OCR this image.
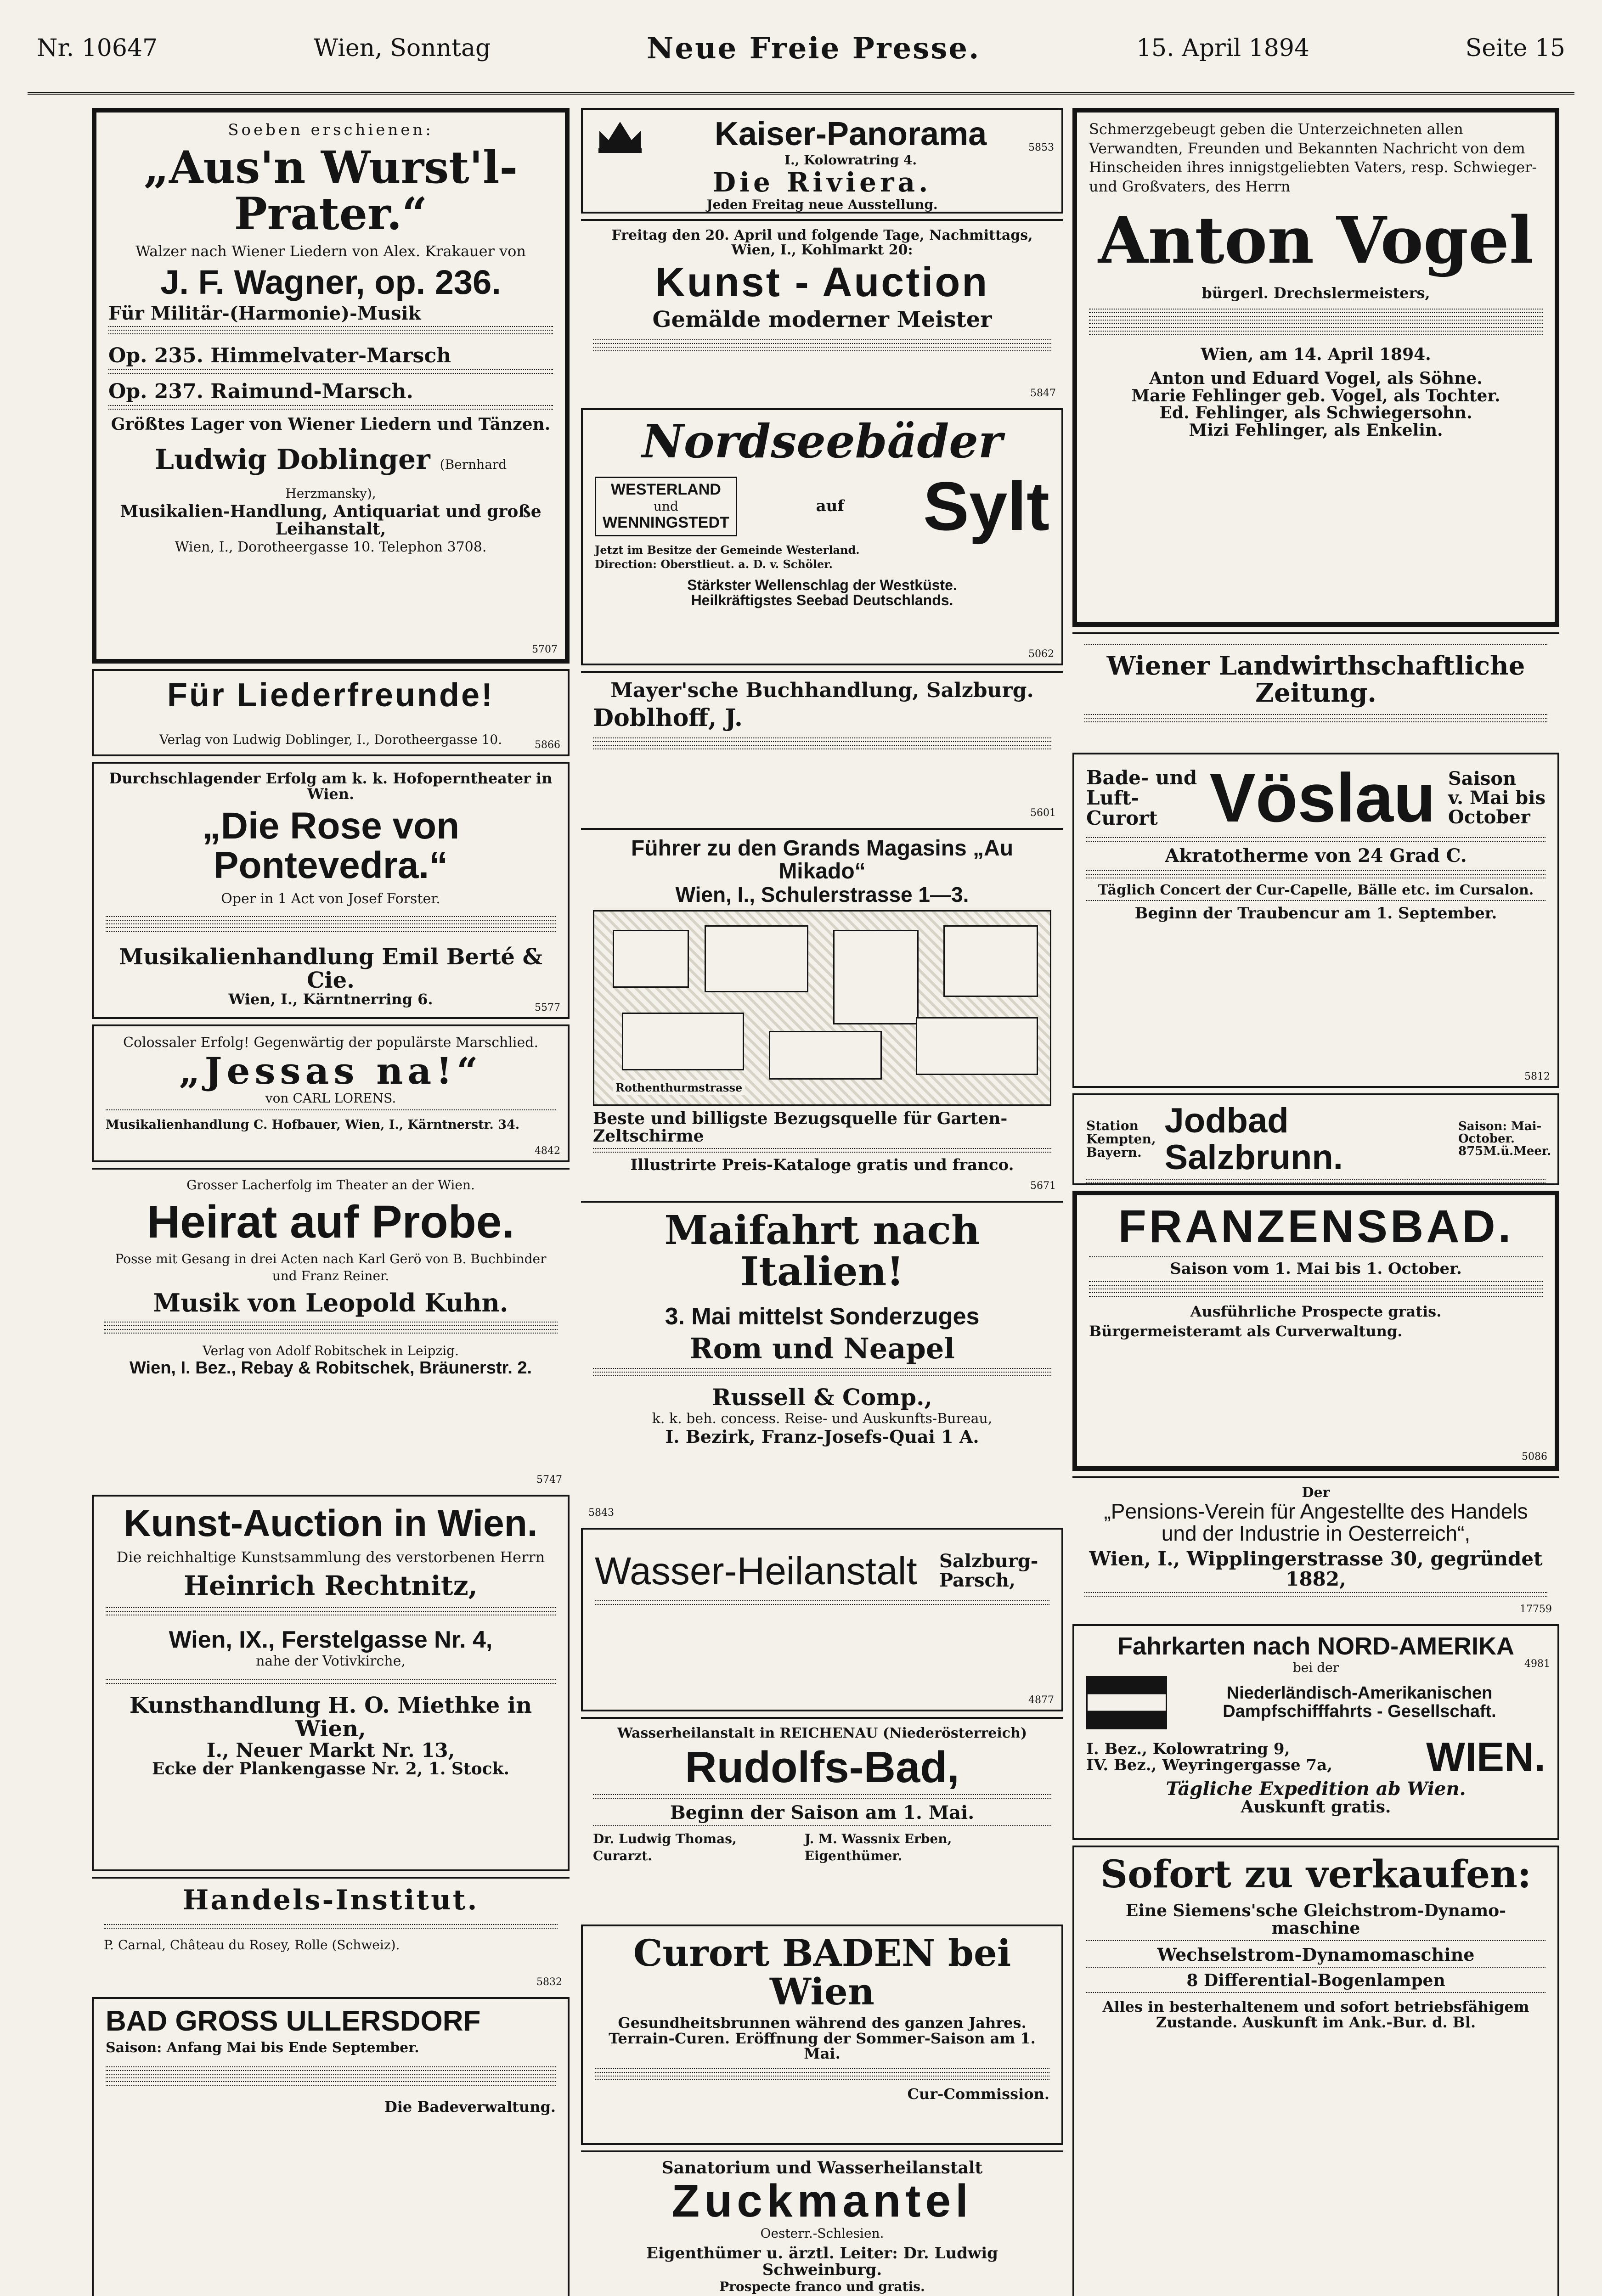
Nr. 10647	Wien, Sonntag	Neue Freie Presse.	15. April 1894	Seite 15
Soeben erschienen:
„Aus'n Wurst'l-Prater.“
Walzer nach Wiener Liedern von Alex. Krakauer von
J. F. Wagner, op. 236.
Für Militär-(Harmonie)-Musik
Op. 235. Himmelvater-Marsch
Op. 237. Raimund-Marsch.
Größtes Lager von Wiener Liedern und Tänzen.
Ludwig Doblinger (Bernhard Herzmansky),
Musikalien-Handlung, Antiquariat und große Leihanstalt,
Wien, I., Dorotheergasse 10. Telephon 3708.
5707
Für Liederfreunde!
Verlag von Ludwig Doblinger, I., Dorotheergasse 10.	5866
Durchschlagender Erfolg am k. k. Hofoperntheater in Wien.
„Die Rose von Pontevedra.“
Oper in 1 Act von Josef Forster.
Musikalienhandlung Emil Berté & Cie.
Wien, I., Kärntnerring 6.	5577
Colossaler Erfolg! Gegenwärtig der populärste Marschlied.
„Jessas na!“
von CARL LORENS.
Musikalienhandlung C. Hofbauer, Wien, I., Kärntnerstr. 34.
4842
Grosser Lacherfolg im Theater an der Wien.
Heirat auf Probe.
Posse mit Gesang in drei Acten nach Karl Gerö von B. Buchbinder und Franz Reiner.
Musik von Leopold Kuhn.
Verlag von Adolf Robitschek in Leipzig.
Wien, I. Bez., Rebay & Robitschek, Bräunerstr. 2.
5747
Kunst-Auction in Wien.
Die reichhaltige Kunstsammlung des verstorbenen Herrn
Heinrich Rechtnitz,
Wien, IX., Ferstelgasse Nr. 4,
nahe der Votivkirche,
Kunsthandlung H. O. Miethke in Wien,
I., Neuer Markt Nr. 13,
Ecke der Plankengasse Nr. 2, 1. Stock.
Handels-Institut.
P. Carnal, Château du Rosey, Rolle (Schweiz).
5832
BAD GROSS ULLERSDORF
Saison: Anfang Mai bis Ende September.
Die Badeverwaltung.
Kaiser-Panorama
I., Kolowratring 4.
Die Riviera.
Jeden Freitag neue Ausstellung.
5853
Freitag den 20. April und folgende Tage, Nachmittags, Wien, I., Kohlmarkt 20:
Kunst - Auction
Gemälde moderner Meister
5847
Nordseebäder
WESTERLAND
und
WENNINGSTEDT
auf Sylt
Jetzt im Besitze der Gemeinde Westerland. Direction: Oberstlieut. a. D. v. Schöler.
Stärkster Wellenschlag der Westküste.
Heilkräftigstes Seebad Deutschlands.
5062
Mayer'sche Buchhandlung, Salzburg.
Doblhoff, J.
5601
Führer zu den Grands Magasins „Au Mikado“
Wien, I., Schulerstrasse 1—3.
Rothenthurmstrasse
Beste und billigste Bezugsquelle für Garten-Zeltschirme
Illustrirte Preis-Kataloge gratis und franco.
5671
Maifahrt nach Italien!
3. Mai mittelst Sonderzuges
Rom und Neapel
Russell & Comp.,
k. k. beh. concess. Reise- und Auskunfts-Bureau,
I. Bezirk, Franz-Josefs-Quai 1 A.
5843
Wasser-Heilanstalt Salzburg-Parsch,
4877
Wasserheilanstalt in REICHENAU (Niederösterreich)
Rudolfs-Bad,
Beginn der Saison am 1. Mai.
Dr. Ludwig Thomas, Curarzt.
J. M. Wassnix Erben, Eigenthümer.
Curort BADEN bei Wien
Gesundheitsbrunnen während des ganzen Jahres. Terrain-Curen. Eröffnung der Sommer-Saison am 1. Mai.
Cur-Commission.
Sanatorium und Wasserheilanstalt
Zuckmantel
Oesterr.-Schlesien.
Eigenthümer u. ärztl. Leiter: Dr. Ludwig Schweinburg.
Prospecte franco und gratis.
Schmerzgebeugt geben die Unterzeichneten allen Verwandten, Freunden und Bekannten Nachricht von dem Hinscheiden ihres innigstgeliebten Vaters, resp. Schwieger- und Großvaters, des Herrn
Anton Vogel
bürgerl. Drechslermeisters,
Wien, am 14. April 1894.
Anton und Eduard Vogel, als Söhne.
Marie Fehlinger geb. Vogel, als Tochter.
Ed. Fehlinger, als Schwiegersohn.
Mizi Fehlinger, als Enkelin.
Wiener Landwirthschaftliche Zeitung.
Bade- und
Luft-
Curort Vöslau Saison
v. Mai bis
October
Akratotherme von 24 Grad C.
Täglich Concert der Cur-Capelle, Bälle etc. im Cursalon.
Beginn der Traubencur am 1. September.
5812
Station Kempten, Bayern.
Jodbad Salzbrunn.
Saison: Mai-October. 875M.ü.Meer.
FRANZENSBAD.
Saison vom 1. Mai bis 1. October.
Ausführliche Prospecte gratis.
Bürgermeisteramt als Curverwaltung.
5086
Der
„Pensions-Verein für Angestellte des Handels und der Industrie in Oesterreich“,
Wien, I., Wipplingerstrasse 30, gegründet 1882,
17759
Fahrkarten nach NORD-AMERIKA
bei der
Niederländisch-Amerikanischen Dampfschifffahrts - Gesellschaft.
I. Bez., Kolowratring 9,
IV. Bez., Weyringergasse 7a, WIEN.
Tägliche Expedition ab Wien.
Auskunft gratis.
4981
Sofort zu verkaufen:
Eine Siemens'sche Gleichstrom-Dynamo-maschine
Wechselstrom-Dynamomaschine
8 Differential-Bogenlampen
Alles in besterhaltenem und sofort betriebsfähigem Zustande. Auskunft im Ank.-Bur. d. Bl.
